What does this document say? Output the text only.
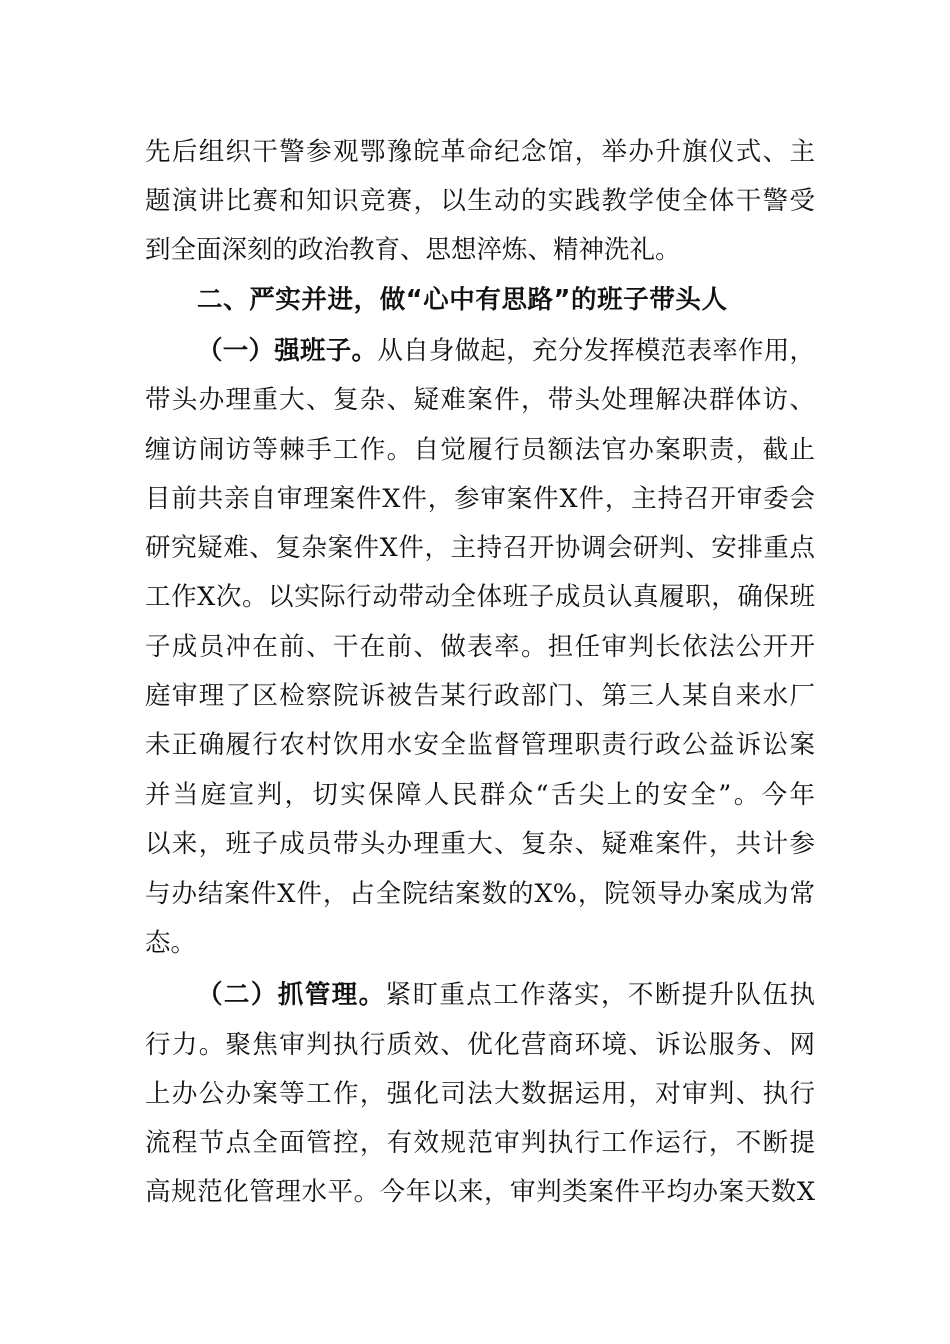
先后组织干警参观鄂豫皖革命纪念馆，举办升旗仪式、主
题演讲比赛和知识竞赛，以生动的实践教学使全体干警受
到全面深刻的政治教育、思想淬炼、精神洗礼。
二、严实并进，做“心中有思路”的班子带头人
（一）强班子。从自身做起，充分发挥模范表率作用，
带头办理重大、复杂、疑难案件，带头处理解决群体访、
缠访闹访等棘手工作。自觉履行员额法官办案职责，截止
目前共亲自审理案件X件，参审案件X件，主持召开审委会
研究疑难、复杂案件X件，主持召开协调会研判、安排重点
工作X次。以实际行动带动全体班子成员认真履职，确保班
子成员冲在前、干在前、做表率。担任审判长依法公开开
庭审理了区检察院诉被告某行政部门、第三人某自来水厂
未正确履行农村饮用水安全监督管理职责行政公益诉讼案
并当庭宣判，切实保障人民群众“舌尖上的安全”。今年
以来，班子成员带头办理重大、复杂、疑难案件，共计参
与办结案件X件，占全院结案数的X%，院领导办案成为常
态。
（二）抓管理。紧盯重点工作落实，不断提升队伍执
行力。聚焦审判执行质效、优化营商环境、诉讼服务、网
上办公办案等工作，强化司法大数据运用，对审判、执行
流程节点全面管控，有效规范审判执行工作运行，不断提
高规范化管理水平。今年以来，审判类案件平均办案天数X
